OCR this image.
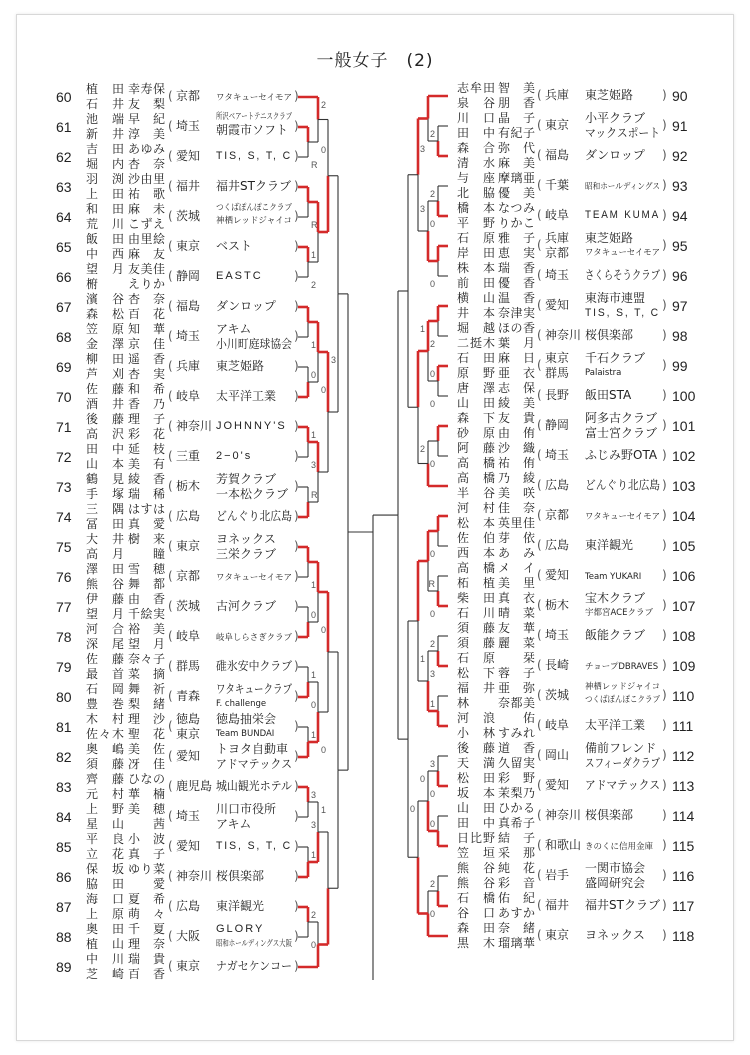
一般女子　(2)
R
2
0
R
1
2
1
0
0
1
3
R
3
1
0
0
1
0
1
0
3
3
1
1
2
0
2
3
2
0
0
3
2
0
0
1
0
2
0
R
0
2
3
1
1
3
0
0
0
2
0
0
60 植田 幸寿保
石井 友梨
( 京都 ワタキューセイモア )
61 池端 早紀
新井 淳美
( 埼玉
所沢ベアートテニスクラブ
朝霞市ソフト )
62 吉田 あゆみ
堀内 杏奈
( 愛知 TIS, S, T, C )
63 羽渕 沙由里
上田 祐歌
( 福井 福井STクラブ )
64 和田 麻未
荒川 こずえ
( 茨城
つくばぽんぽこクラブ
神栖レッドジャイコ )
65 飯田 由里絵
中西 麻友
( 東京 ベスト	)
66 望月 友美佳
椨 えりか
( 静岡 EASTC	)
67 濱谷 杏奈
森松 百花
( 福島 ダンロップ )
68 笠原 知華
金澤 京佳
( 埼玉 アキム
小川町庭球協会
)
69 柳田 遥香
芦刈 杏実
( 兵庫 東芝姫路 )
70 佐藤 和希
酒井 香乃
( 岐阜 太平洋工業 )
71 後藤 理子
高沢 彩花
( 神奈川 JOHNNY'S )
72 田中 延枝
山本 美有
( 三重 2−0's	)
73 鶴見 綾香
手塚 瑞稀
( 栃木 芳賀クラブ
一本松クラブ
)
74 三隅 はすは
冨田 真愛
( 広島 どんぐり北広島 )
75 大井 樹来
高月	瞳
( 東京 ヨネックス
三栄クラブ
)
76 澤田 雪穂
熊谷 舞都
( 京都 ワタキューセイモア )
77 伊藤 由香
望月 千絵実
( 茨城 古河クラブ )
78 河合 裕美
深尾 望月
( 岐阜 岐阜しらさぎクラブ )
79 佐藤 奈々子
最首 菜摘
( 群馬 碓氷安中クラブ )
80 石岡 舞祈
豊巻 梨緒
( 青森 ワタキュークラブ
F. challenge
)
81 木村 理沙
佐々木 聖花
( 徳島
東京
徳島抽栄会
Team BUNDAI
)
82 奥嶋 美佐
須藤 冴佳
( 愛知 トヨタ自動車
アドマテックス
)
83 齊藤 ひなの
元村 華楠
( 鹿児島 城山観光ホテル )
84 上野 美穂
星山	茜
( 埼玉 川口市役所
アキム
)
85 平良 小波
立花 真子
( 愛知 TIS, S, T, C )
86 保坂 ゆり菜
脇田	愛
( 神奈川 桜倶楽部 )
87 海口 夏希
上原 萌々
( 広島 東洋観光 )
88 奥田 千夏
植山 理奈
( 大阪 GLORY
昭和ホールディングス大阪
)
89 中川 瑞貴
芝崎 百香
( 東京 ナガセケンコー )
90
志牟田 智美
泉谷 朋香
( 兵庫 東芝姫路 )
91
川口 晶子
田中 有紀子
( 東京 小平クラブ
マックスポート
)
92
森合 弥代
清水 麻美
( 福島 ダンロップ )
93
与座 摩璃亜
北脇 優美
( 千葉 昭和ホールディングス )
94
橋本 なつみ
平野 りかこ
( 岐阜 TEAM KUMA )
95
石原 雅子
岸田 恵実
( 兵庫
京都
東芝姫路
ワタキューセイモア
)
96
株本 瑞香
前田 優香
( 埼玉 さくらそうクラブ )
97
横山 温香
井本 奈津実
( 愛知 東海市連盟
TIS, S, T, C
)
98
堀越 ほの香
二挺木 葉月
( 神奈川 桜倶楽部 )
99
石田 麻日
原野 亜衣
( 東京
群馬
千石クラブ
Palaistra
)
100
唐澤 志保
山田 綾美
( 長野 飯田STA	)
101
森下 友貴
砂原 由侑
( 静岡 阿多古クラブ
富士宮クラブ
)
102
阿藤 沙織
高橋 祐侑
( 埼玉 ふじみ野OTA )
103
高橋 乃綾
半谷 美咲
( 広島 どんぐり北広島 )
104
河村 佳奈
松本 英里佳
( 京都 ワタキューセイモア )
105
佐伯 芽依
西本 あみ
( 広島 東洋観光 )
106
高橋 メイ
柘植 美里
( 愛知 Team YUKARI )
107
柴田 真衣
石川 晴菜
( 栃木 宝木クラブ
宇都宮ACEクラブ
)
108
須藤 友華
須藤 麗菜
( 埼玉 飯能クラブ )
109
石原	栞
松下 蓉子
( 長崎 チョープDBRAVES )
110
福井 亜弥
林 奈都美
( 茨城
神栖レッドジャイコ
つくばぽんぽこクラブ )
111
河浪	佑
小林 すみれ
( 岐阜 太平洋工業 )
112
後藤 道香
天満 久留実
( 岡山 備前フレンド
スフィーダクラブ
)
113
松田 彩野
坂本 茉梨乃
( 愛知 アドマテックス )
114
山田 ひかる
田中 真希子
( 神奈川 桜倶楽部 )
115
日比野 結子
笠垣 采那
( 和歌山 きのくに信用金庫 )
116
熊谷 純花
熊谷 彩音
( 岩手 一関市協会
盛岡研究会
)
117
石橋 佑紀
谷口 あすか
( 福井 福井STクラブ )
118
森田 奈緒
黒木 瑠璃華
( 東京 ヨネックス )
